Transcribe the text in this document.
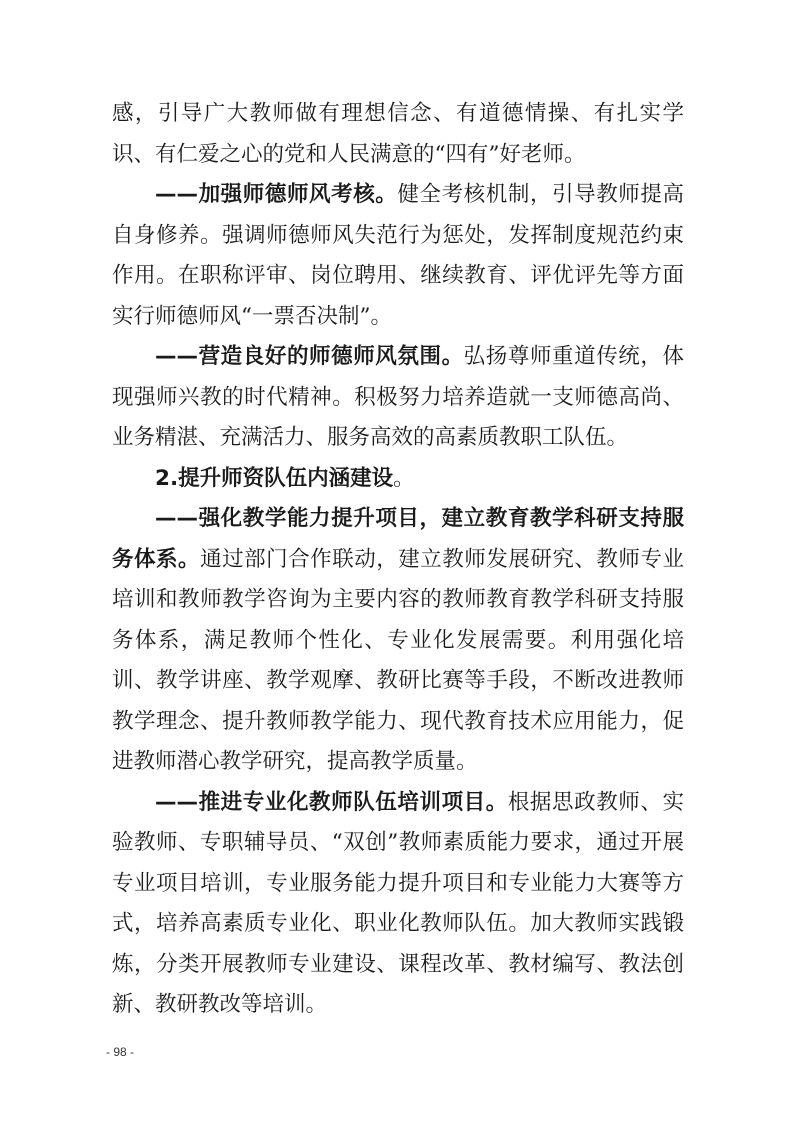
感，引导广大教师做有理想信念、有道德情操、有扎实学识、有仁爱之心的党和人民满意的“四有”好老师。

——加强师德师风考核。健全考核机制，引导教师提高自身修养。强调师德师风失范行为惩处，发挥制度规范约束作用。在职称评审、岗位聘用、继续教育、评优评先等方面实行师德师风“一票否决制”。

——营造良好的师德师风氛围。弘扬尊师重道传统，体现强师兴教的时代精神。积极努力培养造就一支师德高尚、业务精湛、充满活力、服务高效的高素质教职工队伍。

2.提升师资队伍内涵建设。

——强化教学能力提升项目，建立教育教学科研支持服务体系。通过部门合作联动，建立教师发展研究、教师专业培训和教师教学咨询为主要内容的教师教育教学科研支持服务体系，满足教师个性化、专业化发展需要。利用强化培训、教学讲座、教学观摩、教研比赛等手段，不断改进教师教学理念、提升教师教学能力、现代教育技术应用能力，促进教师潜心教学研究，提高教学质量。

——推进专业化教师队伍培训项目。根据思政教师、实验教师、专职辅导员、“双创”教师素质能力要求，通过开展专业项目培训，专业服务能力提升项目和专业能力大赛等方式，培养高素质专业化、职业化教师队伍。加大教师实践锻炼，分类开展教师专业建设、课程改革、教材编写、教法创新、教研教改等培训。

- 98 -
